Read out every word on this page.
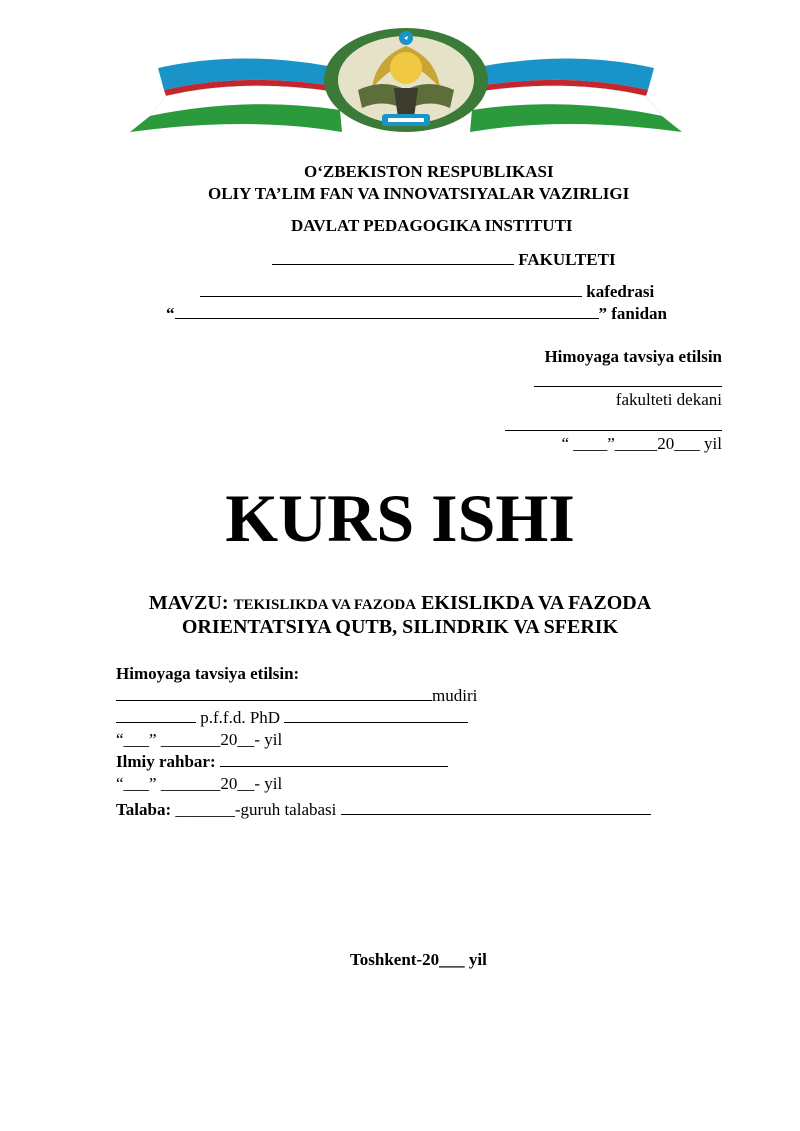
O‘ZBEKISTON RESPUBLIKASI
OLIY TA’LIM FAN VA INNOVATSIYALAR VAZIRLIGI
DAVLAT PEDAGOGIKA INSTITUTI
FAKULTETI
kafedrasi
“	” fanidan
Himoyaga tavsiya etilsin
fakulteti dekani
“ ____”_____20___ yil
KURS ISHI
MAVZU: TEKISLIKDA VA FAZODA EKISLIKDA VA FAZODA
ORIENTATSIYA QUTB, SILINDRIK VA SFERIK
Himoyaga tavsiya etilsin:
mudiri
p.f.f.d. PhD
“___” _______20__- yil
Ilmiy rahbar:
“___” _______20__- yil
Talaba: _______-guruh talabasi
Toshkent-20___ yil
